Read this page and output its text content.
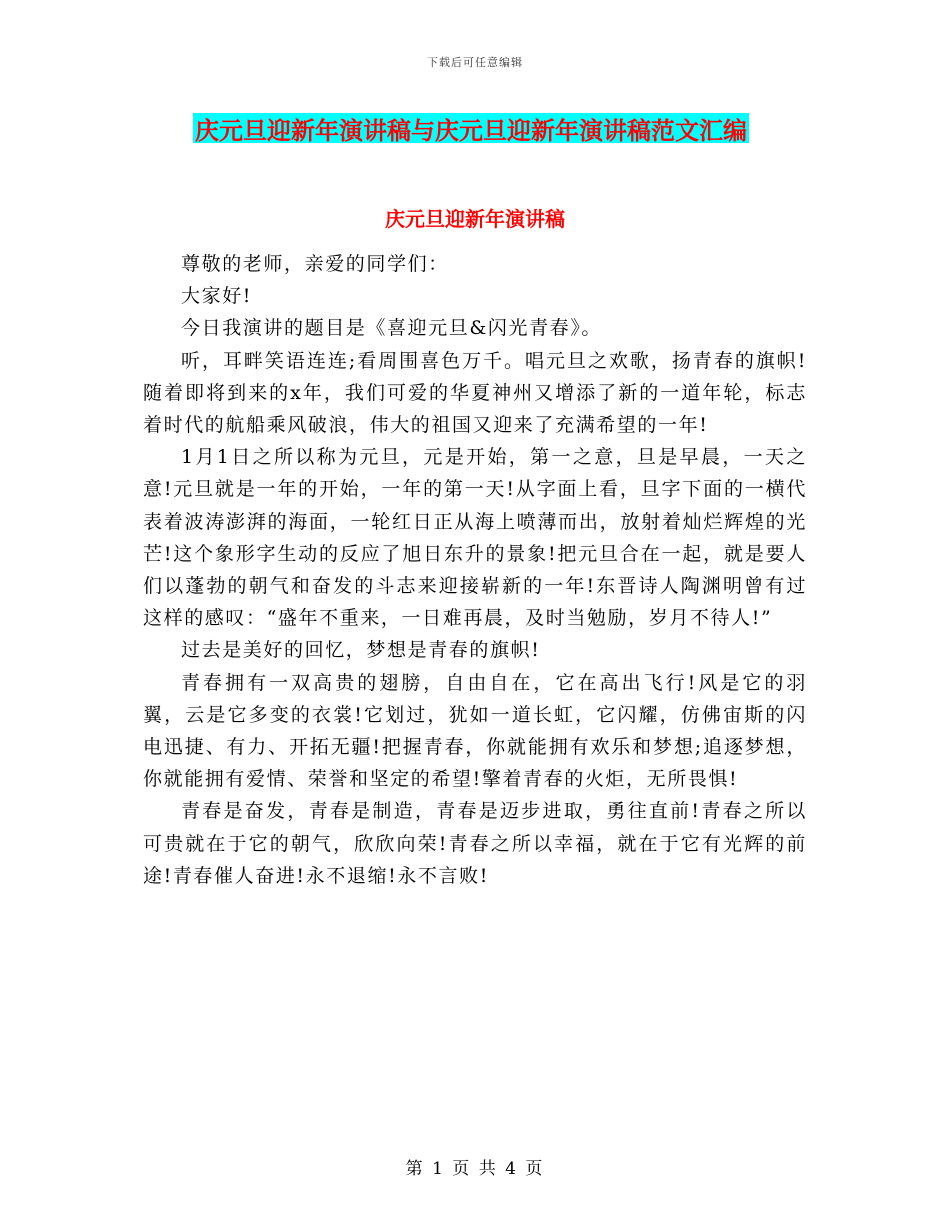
下载后可任意编辑
庆元旦迎新年演讲稿与庆元旦迎新年演讲稿范文汇编
庆元旦迎新年演讲稿

尊敬的老师，亲爱的同学们：

大家好!

今日我演讲的题目是《喜迎元旦&闪光青春》。

听，耳畔笑语连连;看周围喜色万千。唱元旦之欢歌，扬青春的旗帜! 随着即将到来的x年，我们可爱的华夏神州又增添了新的一道年轮，标志着时代的航船乘风破浪，伟大的祖国又迎来了充满希望的一年!

1月1日之所以称为元旦，元是开始，第一之意，旦是早晨，一天之意!元旦就是一年的开始，一年的第一天!从字面上看，旦字下面的一横代表着波涛澎湃的海面，一轮红日正从海上喷薄而出，放射着灿烂辉煌的光芒!这个象形字生动的反应了旭日东升的景象!把元旦合在一起，就是要人们以蓬勃的朝气和奋发的斗志来迎接崭新的一年!东晋诗人陶渊明曾有过这样的感叹：“盛年不重来，一日难再晨，及时当勉励，岁月不待人!”

过去是美好的回忆，梦想是青春的旗帜!

青春拥有一双高贵的翅膀，自由自在，它在高出飞行!风是它的羽翼，云是它多变的衣裳!它划过，犹如一道长虹，它闪耀，仿佛宙斯的闪电迅捷、有力、开拓无疆!把握青春，你就能拥有欢乐和梦想;追逐梦想，你就能拥有爱情、荣誉和坚定的希望!擎着青春的火炬，无所畏惧!

青春是奋发，青春是制造，青春是迈步进取，勇往直前!青春之所以可贵就在于它的朝气，欣欣向荣!青春之所以幸福，就在于它有光辉的前途!青春催人奋进!永不退缩!永不言败!

第 1 页 共 4 页
